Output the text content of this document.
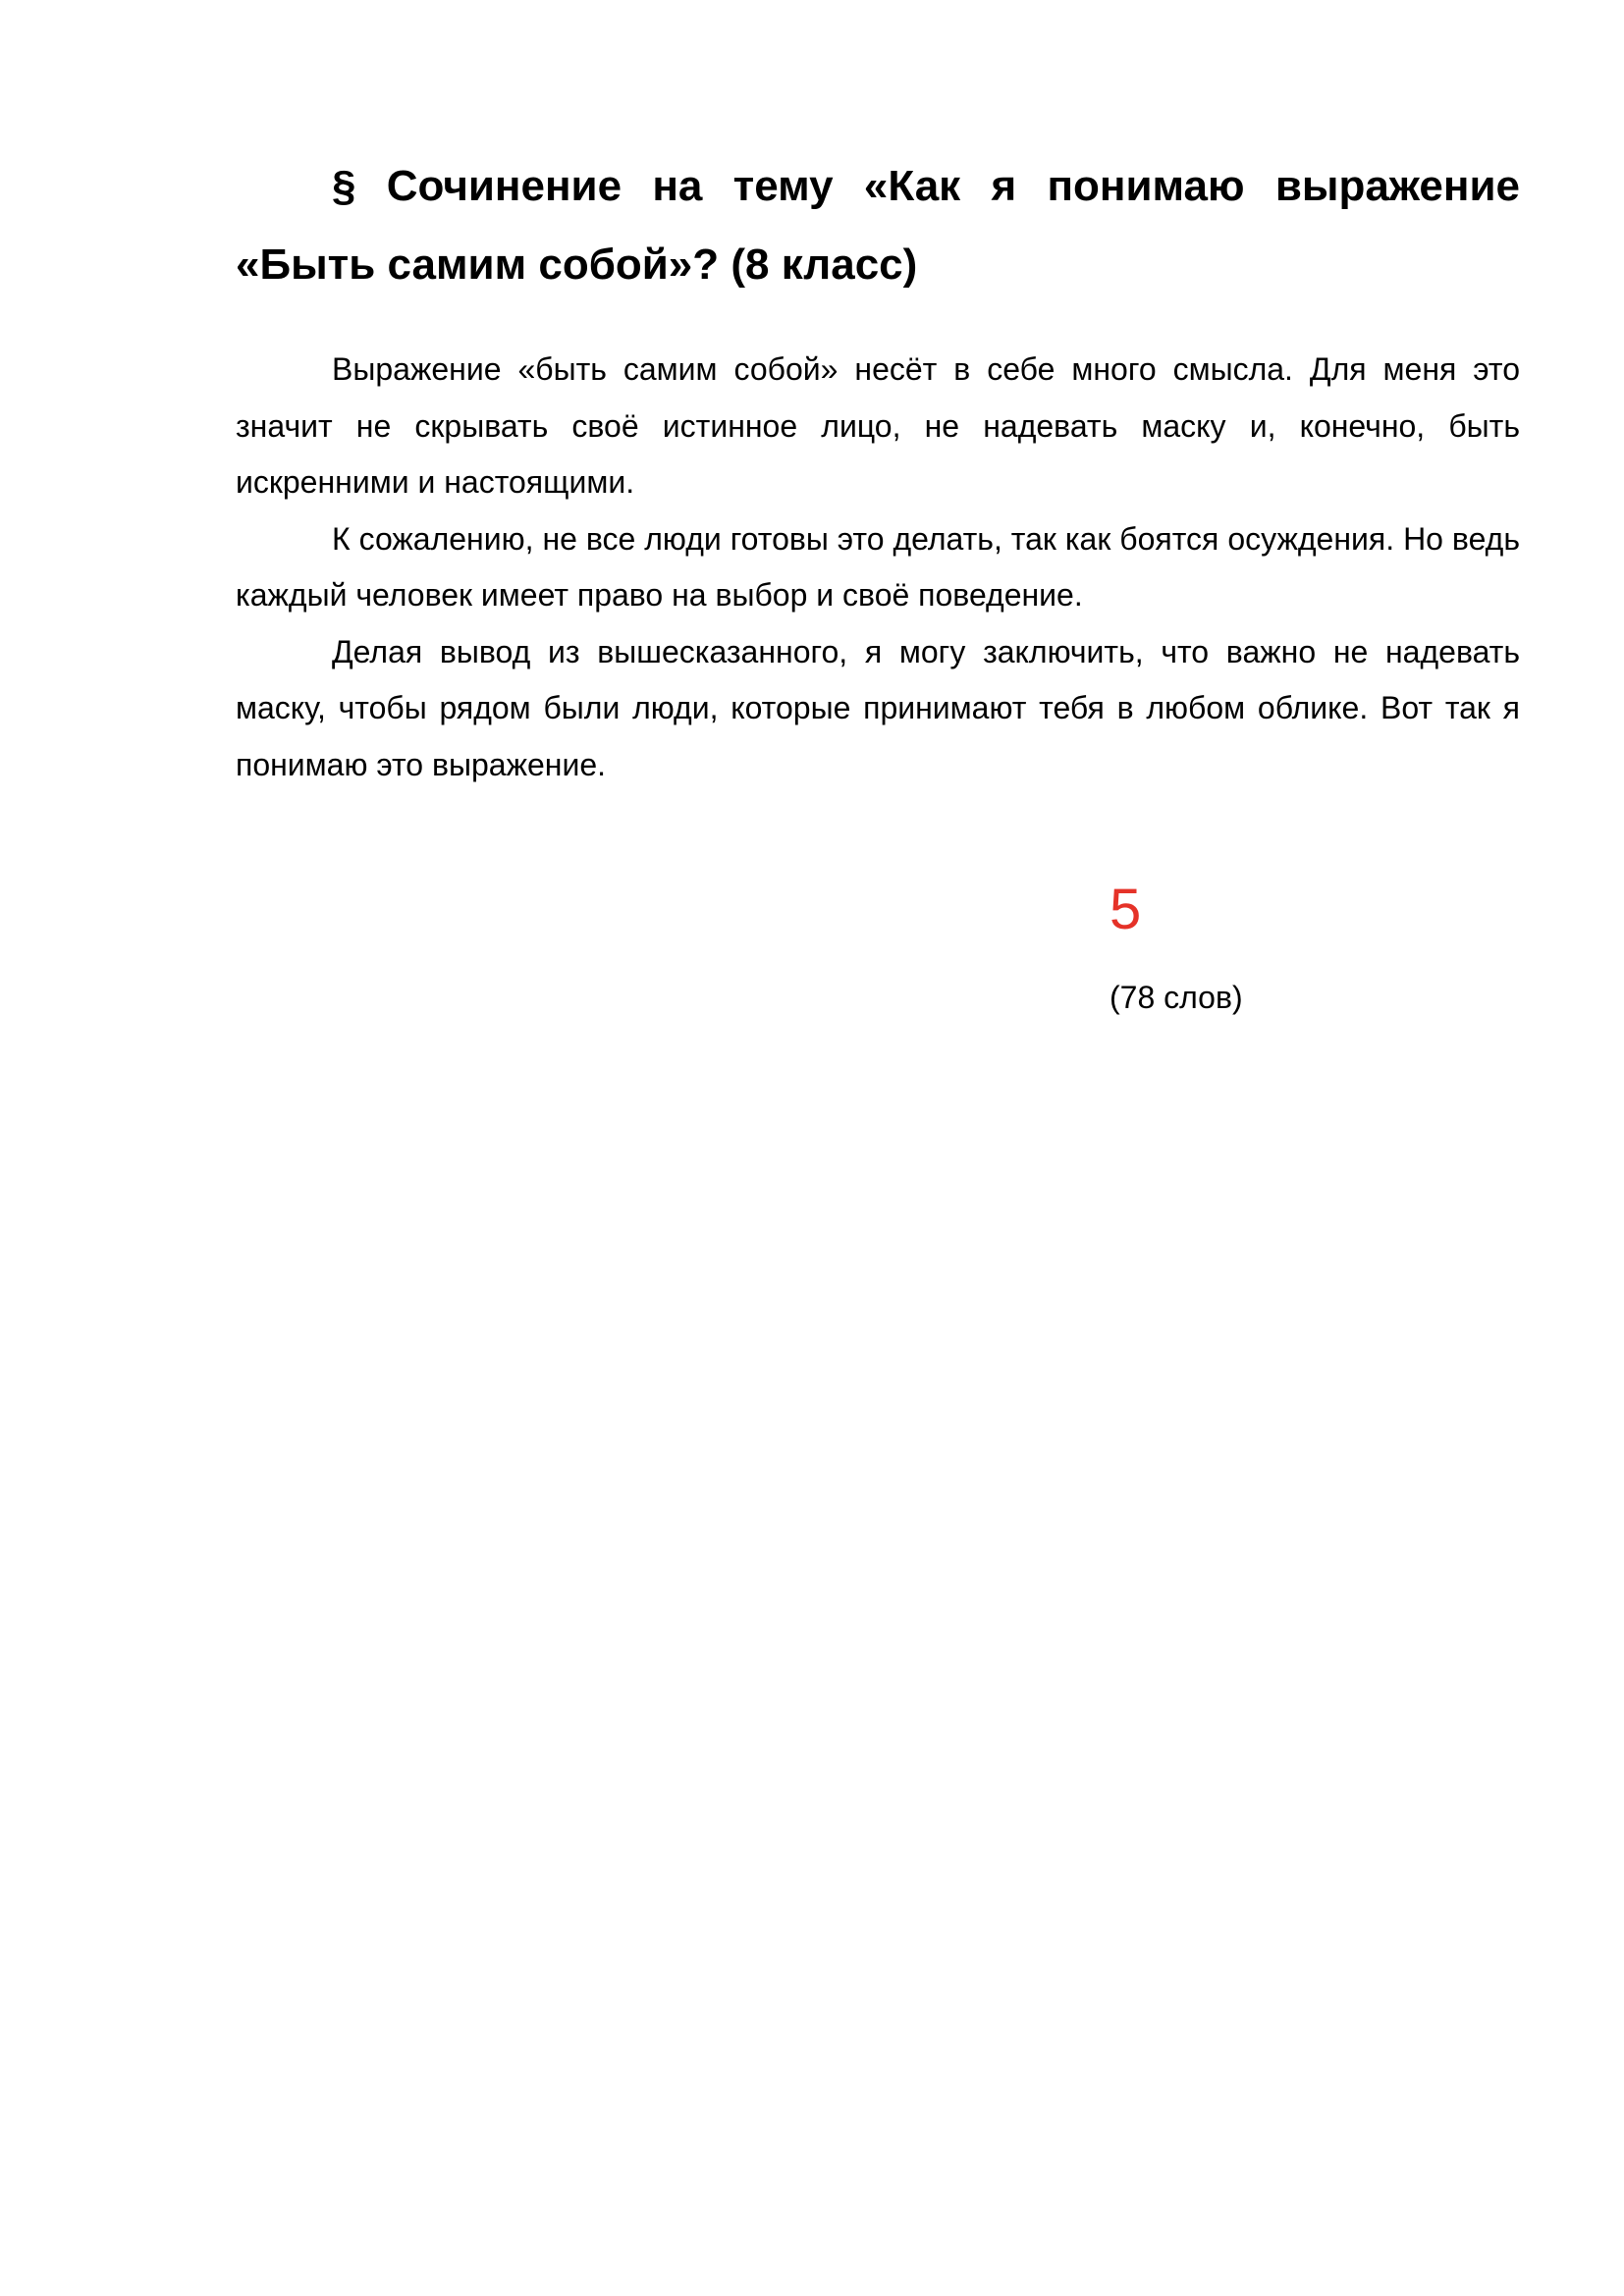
§ Сочинение на тему «Как я понимаю выражение «Быть самим собой»? (8 класс)

Выражение «быть самим собой» несёт в себе много смысла. Для меня это значит не скрывать своё истинное лицо, не надевать маску и, конечно, быть искренними и настоящими.

К сожалению, не все люди готовы это делать, так как боятся осуждения. Но ведь каждый человек имеет право на выбор и своё поведение.

Делая вывод из вышесказанного, я могу заключить, что важно не надевать маску, чтобы рядом были люди, которые принимают тебя в любом облике. Вот так я понимаю это выражение.

5
(78 слов)
